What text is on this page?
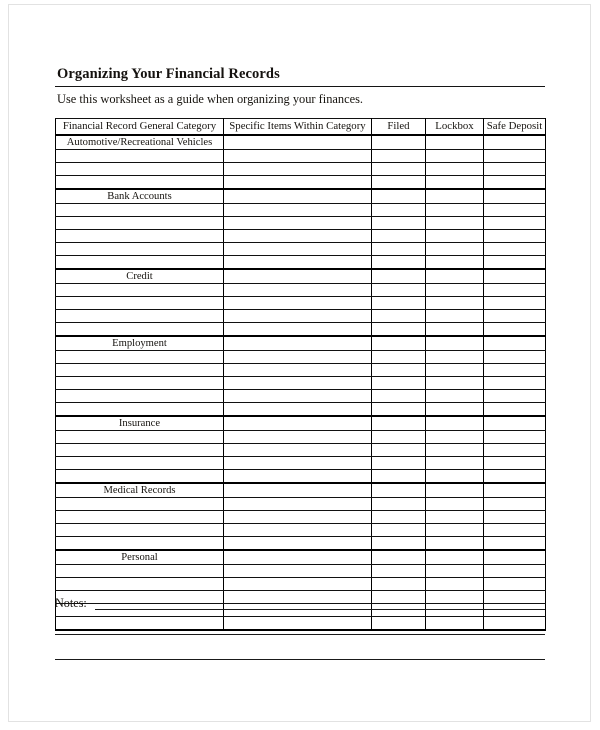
Organizing Your Financial Records

Use this worksheet as a guide when organizing your finances.

Financial Record General Category	Specific Items Within Category	Filed	Lockbox	Safe Deposit
Automotive/Recreational Vehicles				

Bank Accounts				

Credit				

Employment				

Insurance				

Medical Records				

Personal				

Notes:
